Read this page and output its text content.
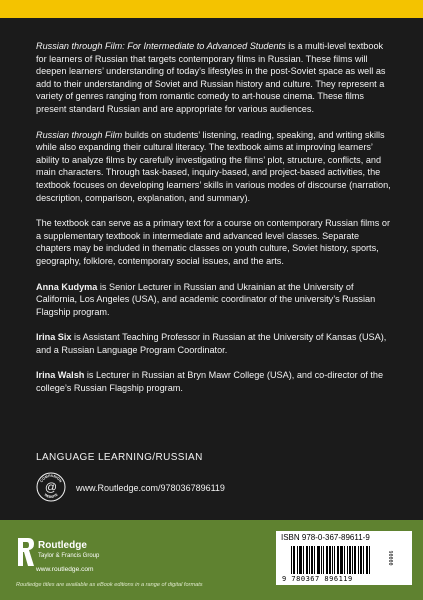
Russian through Film: For Intermediate to Advanced Students is a multi-level textbook for learners of Russian that targets contemporary films in Russian. These films will deepen learners’ understanding of today’s lifestyles in the post-Soviet space as well as add to their understanding of Soviet and Russian history and culture. They represent a variety of genres ranging from romantic comedy to art-house cinema. These films present standard Russian and are appropriate for various audiences.

Russian through Film builds on students’ listening, reading, speaking, and writing skills while also expanding their cultural literacy. The textbook aims at improving learners’ ability to analyze films by carefully investigating the films’ plot, structure, conflicts, and main characters. Through task-based, inquiry-based, and project-based activities, the textbook focuses on developing learners’ skills in various modes of discourse (narration, description, comparison, explanation, and summary).

The textbook can serve as a primary text for a course on contemporary Russian films or a supplementary textbook in intermediate and advanced level classes. Separate chapters may be included in thematic classes on youth culture, Soviet history, sports, geography, folklore, contemporary social issues, and the arts.

Anna Kudyma is Senior Lecturer in Russian and Ukrainian at the University of California, Los Angeles (USA), and academic coordinator of the university’s Russian Flagship program.

Irina Six is Assistant Teaching Professor in Russian at the University of Kansas (USA), and a Russian Language Program Coordinator.

Irina Walsh is Lecturer in Russian at Bryn Mawr College (USA), and co-director of the college’s Russian Flagship program.

LANGUAGE LEARNING/RUSSIAN
COMPANION
WEBSITE
@ www.Routledge.com/9780367896119
Routledge
Taylor & Francis Group
www.routledge.com
Routledge titles are available as eBook editions in a range of digital formats
ISBN 978-0-367-89611-9
9 780367 896119
90000
